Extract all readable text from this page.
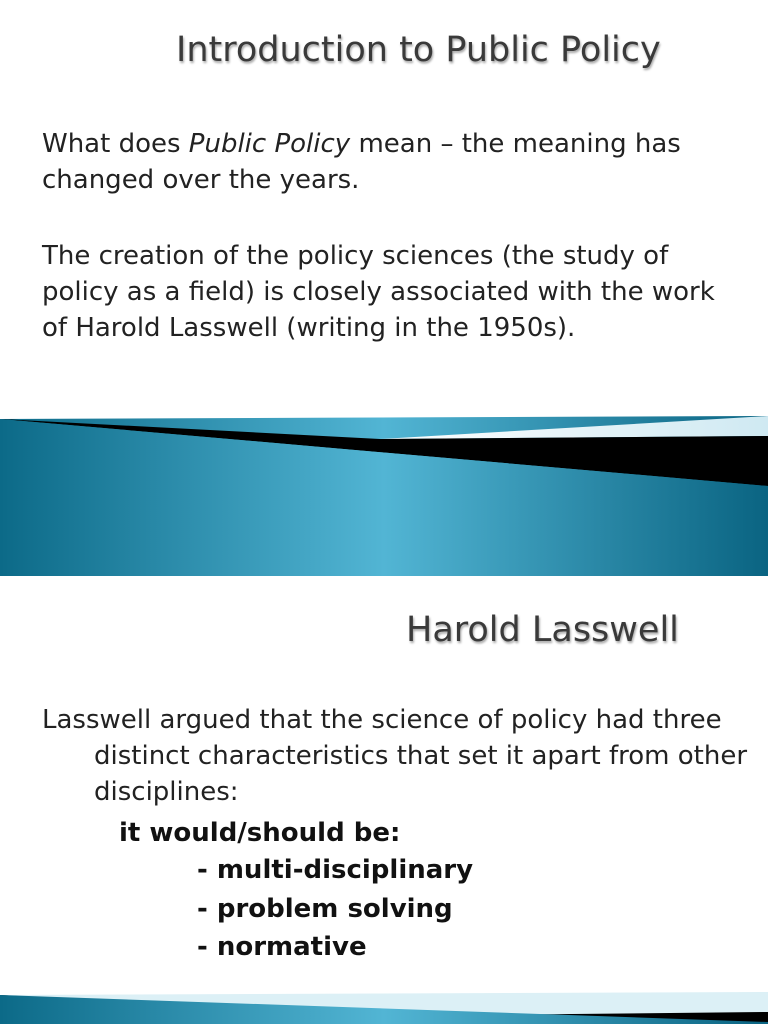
Introduction to Public Policy

What does Public Policy mean – the meaning has changed over the years.

The creation of the policy sciences (the study of policy as a field) is closely associated with the work of Harold Lasswell (writing in the 1950s).

Harold Lasswell

Lasswell argued that the science of policy had three distinct characteristics that set it apart from other disciplines:

it would/should be:

- multi-disciplinary

- problem solving

- normative
